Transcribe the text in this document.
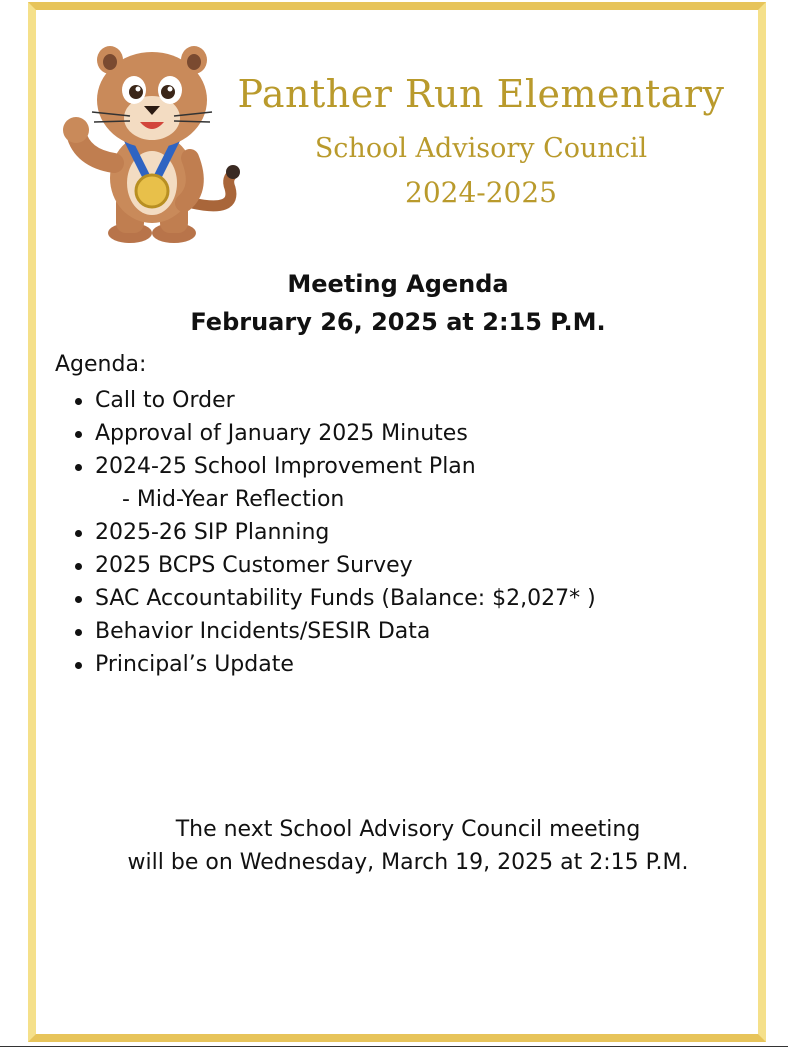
Panther Run Elementary
School Advisory Council
2024-2025
Meeting Agenda
February 26, 2025 at 2:15 P.M.
Agenda:
Call to Order
Approval of January 2025 Minutes
2024-25 School Improvement Plan
- Mid-Year Reflection
2025-26 SIP Planning
2025 BCPS Customer Survey
SAC Accountability Funds (Balance: $2,027* )
Behavior Incidents/SESIR Data
Principal’s Update
The next School Advisory Council meeting
will be on Wednesday, March 19, 2025 at 2:15 P.M.
